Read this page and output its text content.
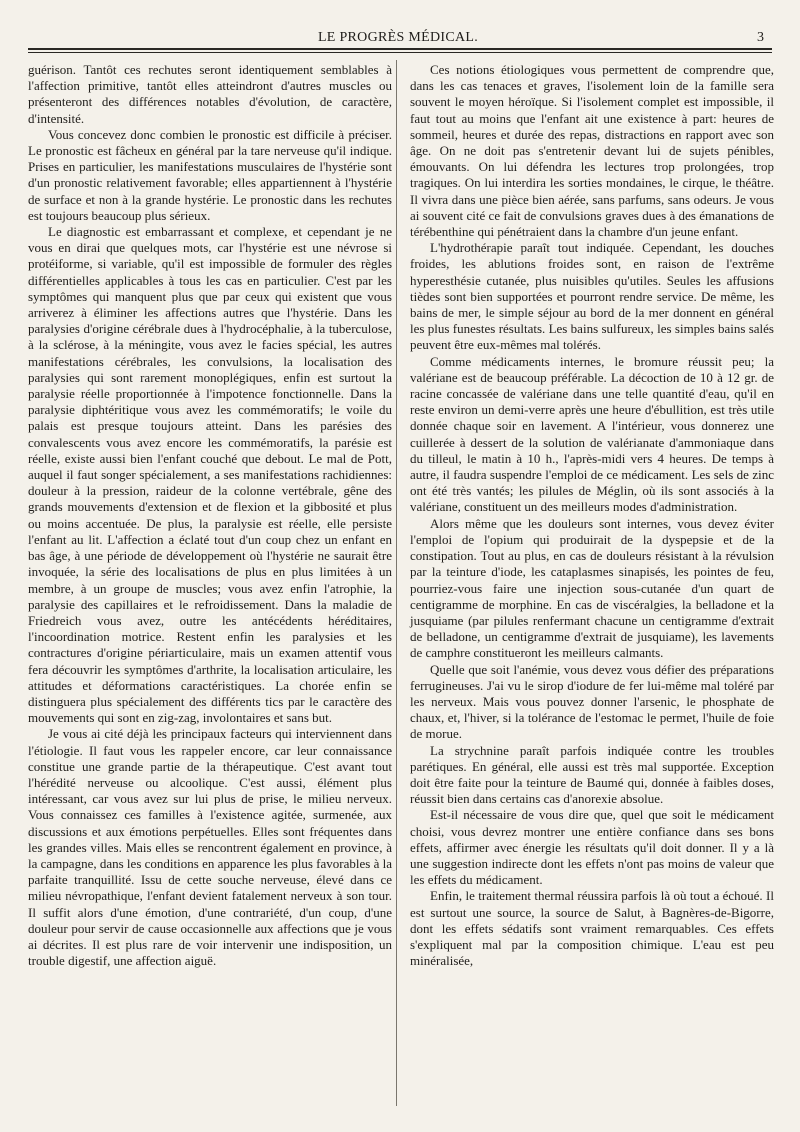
LE PROGRÈS MÉDICAL.	3

guérison. Tantôt ces rechutes seront identiquement semblables à l'affection primitive, tantôt elles atteindront d'autres muscles ou présenteront des différences notables d'évolution, de caractère, d'intensité.

Vous concevez donc combien le pronostic est difficile à préciser. Le pronostic est fâcheux en général par la tare nerveuse qu'il indique. Prises en particulier, les manifestations musculaires de l'hystérie sont d'un pronostic relativement favorable; elles appartiennent à l'hystérie de surface et non à la grande hystérie. Le pronostic dans les rechutes est toujours beaucoup plus sérieux.

Le diagnostic est embarrassant et complexe, et cependant je ne vous en dirai que quelques mots, car l'hystérie est une névrose si protéiforme, si variable, qu'il est impossible de formuler des règles différentielles applicables à tous les cas en particulier. C'est par les symptômes qui manquent plus que par ceux qui existent que vous arriverez à éliminer les affections autres que l'hystérie. Dans les paralysies d'origine cérébrale dues à l'hydrocéphalie, à la tuberculose, à la sclérose, à la méningite, vous avez le facies spécial, les autres manifestations cérébrales, les convulsions, la localisation des paralysies qui sont rarement monoplégiques, enfin est surtout la paralysie réelle proportionnée à l'impotence fonctionnelle. Dans la paralysie diphtéritique vous avez les commémoratifs; le voile du palais est presque toujours atteint. Dans les parésies des convalescents vous avez encore les commémoratifs, la parésie est réelle, existe aussi bien l'enfant couché que debout. Le mal de Pott, auquel il faut songer spécialement, a ses manifestations rachidiennes: douleur à la pression, raideur de la colonne vertébrale, gêne des grands mouvements d'extension et de flexion et la gibbosité et plus ou moins accentuée. De plus, la paralysie est réelle, elle persiste l'enfant au lit. L'affection a éclaté tout d'un coup chez un enfant en bas âge, à une période de développement où l'hystérie ne saurait être invoquée, la série des localisations de plus en plus limitées à un membre, à un groupe de muscles; vous avez enfin l'atrophie, la paralysie des capillaires et le refroidissement. Dans la maladie de Friedreich vous avez, outre les antécédents héréditaires, l'incoordination motrice. Restent enfin les paralysies et les contractures d'origine périarticulaire, mais un examen attentif vous fera découvrir les symptômes d'arthrite, la localisation articulaire, les attitudes et déformations caractéristiques. La chorée enfin se distinguera plus spécialement des différents tics par le caractère des mouvements qui sont en zig-zag, involontaires et sans but.

Je vous ai cité déjà les principaux facteurs qui interviennent dans l'étiologie. Il faut vous les rappeler encore, car leur connaissance constitue une grande partie de la thérapeutique. C'est avant tout l'hérédité nerveuse ou alcoolique. C'est aussi, élément plus intéressant, car vous avez sur lui plus de prise, le milieu nerveux. Vous connaissez ces familles à l'existence agitée, surmenée, aux discussions et aux émotions perpétuelles. Elles sont fréquentes dans les grandes villes. Mais elles se rencontrent également en province, à la campagne, dans les conditions en apparence les plus favorables à la parfaite tranquillité. Issu de cette souche nerveuse, élevé dans ce milieu névropathique, l'enfant devient fatalement nerveux à son tour. Il suffit alors d'une émotion, d'une contrariété, d'un coup, d'une douleur pour servir de cause occasionnelle aux affections que je vous ai décrites. Il est plus rare de voir intervenir une indisposition, un trouble digestif, une affection aiguë.

Ces notions étiologiques vous permettent de comprendre que, dans les cas tenaces et graves, l'isolement loin de la famille sera souvent le moyen héroïque. Si l'isolement complet est impossible, il faut tout au moins que l'enfant ait une existence à part: heures de sommeil, heures et durée des repas, distractions en rapport avec son âge. On ne doit pas s'entretenir devant lui de sujets pénibles, émouvants. On lui défendra les lectures trop prolongées, trop tragiques. On lui interdira les sorties mondaines, le cirque, le théâtre. Il vivra dans une pièce bien aérée, sans parfums, sans odeurs. Je vous ai souvent cité ce fait de convulsions graves dues à des émanations de térébenthine qui pénétraient dans la chambre d'un jeune enfant.

L'hydrothérapie paraît tout indiquée. Cependant, les douches froides, les ablutions froides sont, en raison de l'extrême hyperesthésie cutanée, plus nuisibles qu'utiles. Seules les affusions tièdes sont bien supportées et pourront rendre service. De même, les bains de mer, le simple séjour au bord de la mer donnent en général les plus funestes résultats. Les bains sulfureux, les simples bains salés peuvent être eux-mêmes mal tolérés.

Comme médicaments internes, le bromure réussit peu; la valériane est de beaucoup préférable. La décoction de 10 à 12 gr. de racine concassée de valériane dans une telle quantité d'eau, qu'il en reste environ un demi-verre après une heure d'ébullition, est très utile donnée chaque soir en lavement. A l'intérieur, vous donnerez une cuillerée à dessert de la solution de valérianate d'ammoniaque dans du tilleul, le matin à 10 h., l'après-midi vers 4 heures. De temps à autre, il faudra suspendre l'emploi de ce médicament. Les sels de zinc ont été très vantés; les pilules de Méglin, où ils sont associés à la valériane, constituent un des meilleurs modes d'administration.

Alors même que les douleurs sont internes, vous devez éviter l'emploi de l'opium qui produirait de la dyspepsie et de la constipation. Tout au plus, en cas de douleurs résistant à la révulsion par la teinture d'iode, les cataplasmes sinapisés, les pointes de feu, pourriez-vous faire une injection sous-cutanée d'un quart de centigramme de morphine. En cas de viscéralgies, la belladone et la jusquiame (par pilules renfermant chacune un centigramme d'extrait de belladone, un centigramme d'extrait de jusquiame), les lavements de camphre constitueront les meilleurs calmants.

Quelle que soit l'anémie, vous devez vous défier des préparations ferrugineuses. J'ai vu le sirop d'iodure de fer lui-même mal toléré par les nerveux. Mais vous pouvez donner l'arsenic, le phosphate de chaux, et, l'hiver, si la tolérance de l'estomac le permet, l'huile de foie de morue.

La strychnine paraît parfois indiquée contre les troubles parétiques. En général, elle aussi est très mal supportée. Exception doit être faite pour la teinture de Baumé qui, donnée à faibles doses, réussit bien dans certains cas d'anorexie absolue.

Est-il nécessaire de vous dire que, quel que soit le médicament choisi, vous devrez montrer une entière confiance dans ses bons effets, affirmer avec énergie les résultats qu'il doit donner. Il y a là une suggestion indirecte dont les effets n'ont pas moins de valeur que les effets du médicament.

Enfin, le traitement thermal réussira parfois là où tout a échoué. Il est surtout une source, la source de Salut, à Bagnères-de-Bigorre, dont les effets sédatifs sont vraiment remarquables. Ces effets s'expliquent mal par la composition chimique. L'eau est peu minéralisée,
